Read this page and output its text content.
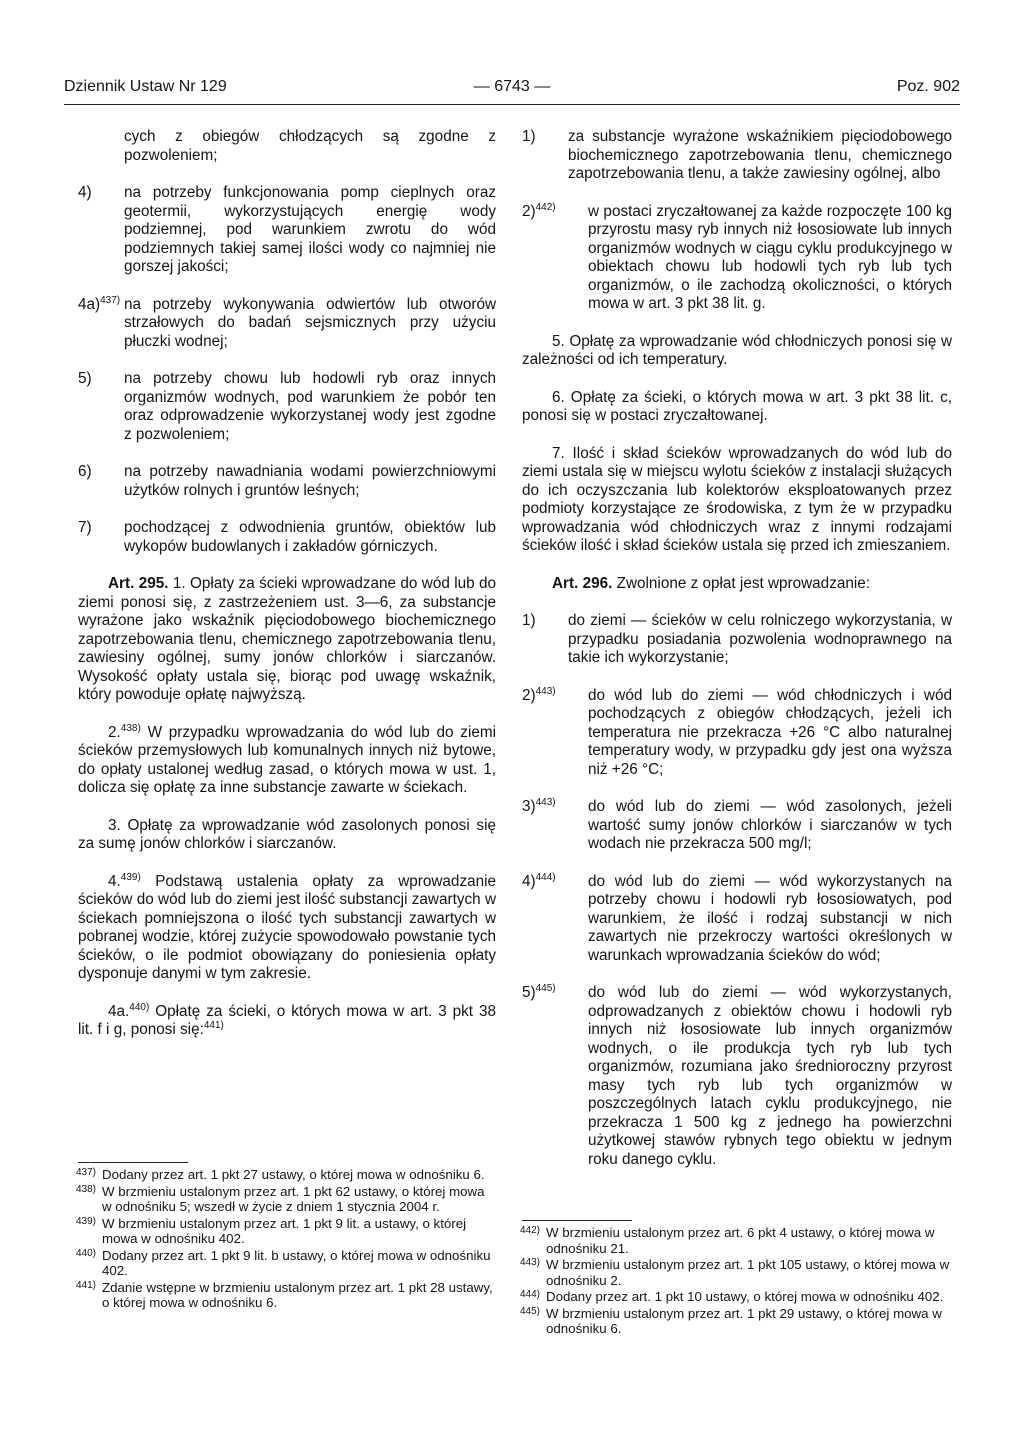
Dziennik Ustaw Nr 129	— 6743 —	Poz. 902
cych z obiegów chłodzących są zgodne z pozwoleniem;
4) na potrzeby funkcjonowania pomp cieplnych oraz geotermii, wykorzystujących energię wody podziemnej, pod warunkiem zwrotu do wód podziemnych takiej samej ilości wody co najmniej nie gorszej jakości;
4a)$^{437)}$ na potrzeby wykonywania odwiertów lub otworów strzałowych do badań sejsmicznych przy użyciu płuczki wodnej;
5) na potrzeby chowu lub hodowli ryb oraz innych organizmów wodnych, pod warunkiem że pobór ten oraz odprowadzenie wykorzystanej wody jest zgodne z pozwoleniem;
6) na potrzeby nawadniania wodami powierzchniowymi użytków rolnych i gruntów leśnych;
7) pochodzącej z odwodnienia gruntów, obiektów lub wykopów budowlanych i zakładów górniczych.

Art. 295. 1. Opłaty za ścieki wprowadzane do wód lub do ziemi ponosi się, z zastrzeżeniem ust. 3—6, za substancje wyrażone jako wskaźnik pięciodobowego biochemicznego zapotrzebowania tlenu, chemicznego zapotrzebowania tlenu, zawiesiny ogólnej, sumy jonów chlorków i siarczanów. Wysokość opłaty ustala się, biorąc pod uwagę wskaźnik, który powoduje opłatę najwyższą.

2.$^{438)}$ W przypadku wprowadzania do wód lub do ziemi ścieków przemysłowych lub komunalnych innych niż bytowe, do opłaty ustalonej według zasad, o których mowa w ust. 1, dolicza się opłatę za inne substancje zawarte w ściekach.

3. Opłatę za wprowadzanie wód zasolonych ponosi się za sumę jonów chlorków i siarczanów.

4.$^{439)}$ Podstawą ustalenia opłaty za wprowadzanie ścieków do wód lub do ziemi jest ilość substancji zawartych w ściekach pomniejszona o ilość tych substancji zawartych w pobranej wodzie, której zużycie spowodowało powstanie tych ścieków, o ile podmiot obowiązany do poniesienia opłaty dysponuje danymi w tym zakresie.

4a.$^{440)}$ Opłatę za ścieki, o których mowa w art. 3 pkt 38 lit. f i g, ponosi się:$^{441)}$

437) Dodany przez art. 1 pkt 27 ustawy, o której mowa w odnośniku 6.
438) W brzmieniu ustalonym przez art. 1 pkt 62 ustawy, o której mowa w odnośniku 5; wszedł w życie z dniem 1 stycznia 2004 r.
439) W brzmieniu ustalonym przez art. 1 pkt 9 lit. a ustawy, o której mowa w odnośniku 402.
440) Dodany przez art. 1 pkt 9 lit. b ustawy, o której mowa w odnośniku 402.
441) Zdanie wstępne w brzmieniu ustalonym przez art. 1 pkt 28 ustawy, o której mowa w odnośniku 6.
1) za substancje wyrażone wskaźnikiem pięciodobowego biochemicznego zapotrzebowania tlenu, chemicznego zapotrzebowania tlenu, a także zawiesiny ogólnej, albo
2)$^{442)}$ w postaci zryczałtowanej za każde rozpoczęte 100 kg przyrostu masy ryb innych niż łososiowate lub innych organizmów wodnych w ciągu cyklu produkcyjnego w obiektach chowu lub hodowli tych ryb lub tych organizmów, o ile zachodzą okoliczności, o których mowa w art. 3 pkt 38 lit. g.

5. Opłatę za wprowadzanie wód chłodniczych ponosi się w zależności od ich temperatury.

6. Opłatę za ścieki, o których mowa w art. 3 pkt 38 lit. c, ponosi się w postaci zryczałtowanej.

7. Ilość i skład ścieków wprowadzanych do wód lub do ziemi ustala się w miejscu wylotu ścieków z instalacji służących do ich oczyszczania lub kolektorów eksploatowanych przez podmioty korzystające ze środowiska, z tym że w przypadku wprowadzania wód chłodniczych wraz z innymi rodzajami ścieków ilość i skład ścieków ustala się przed ich zmieszaniem.

Art. 296. Zwolnione z opłat jest wprowadzanie:

1) do ziemi — ścieków w celu rolniczego wykorzystania, w przypadku posiadania pozwolenia wodnoprawnego na takie ich wykorzystanie;
2)$^{443)}$ do wód lub do ziemi — wód chłodniczych i wód pochodzących z obiegów chłodzących, jeżeli ich temperatura nie przekracza +26 °C albo naturalnej temperatury wody, w przypadku gdy jest ona wyższa niż +26 °C;
3)$^{443)}$ do wód lub do ziemi — wód zasolonych, jeżeli wartość sumy jonów chlorków i siarczanów w tych wodach nie przekracza 500 mg/l;
4)$^{444)}$ do wód lub do ziemi — wód wykorzystanych na potrzeby chowu i hodowli ryb łososiowatych, pod warunkiem, że ilość i rodzaj substancji w nich zawartych nie przekroczy wartości określonych w warunkach wprowadzania ścieków do wód;
5)$^{445)}$ do wód lub do ziemi — wód wykorzystanych, odprowadzanych z obiektów chowu i hodowli ryb innych niż łososiowate lub innych organizmów wodnych, o ile produkcja tych ryb lub tych organizmów, rozumiana jako średnioroczny przyrost masy tych ryb lub tych organizmów w poszczególnych latach cyklu produkcyjnego, nie przekracza 1 500 kg z jednego ha powierzchni użytkowej stawów rybnych tego obiektu w jednym roku danego cyklu.
442) W brzmieniu ustalonym przez art. 6 pkt 4 ustawy, o której mowa w odnośniku 21.
443) W brzmieniu ustalonym przez art. 1 pkt 105 ustawy, o której mowa w odnośniku 2.
444) Dodany przez art. 1 pkt 10 ustawy, o której mowa w odnośniku 402.
445) W brzmieniu ustalonym przez art. 1 pkt 29 ustawy, o której mowa w odnośniku 6.
